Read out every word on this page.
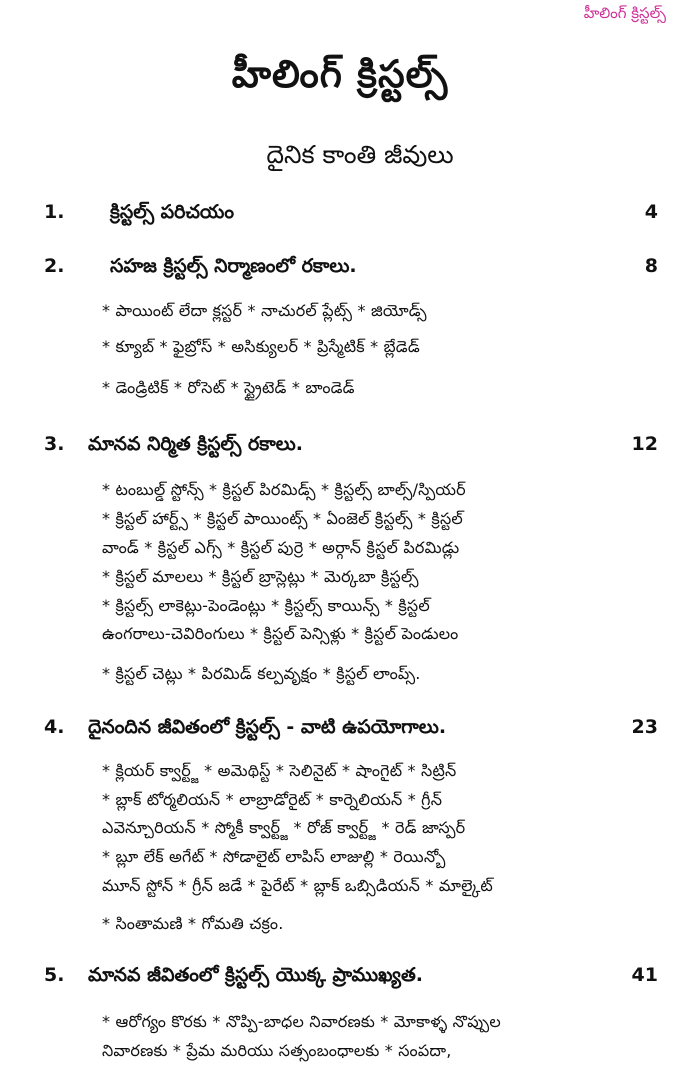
హీలింగ్ క్రిస్టల్స్
హీలింగ్ క్రిస్టల్స్
దైనిక కాంతి జీవులు
1. క్రిస్టల్స్ పరిచయం	4
2. సహజ క్రిస్టల్స్ నిర్మాణంలో రకాలు.	8
* పాయింట్ లేదా క్లస్టర్ * నాచురల్ ప్లేట్స్ * జియోడ్స్
* క్యూబ్ * ఫైబ్రోస్ * అసిక్యులర్ * ప్రిస్మేటిక్ * బ్లేడెడ్
* డెండ్రిటిక్ * రోసెట్ * స్ట్రైటెడ్ * బాండెడ్
3. మానవ నిర్మిత క్రిస్టల్స్ రకాలు.	12
* టంబుల్డ్ స్టోన్స్ * క్రిస్టల్ పిరమిడ్స్ * క్రిస్టల్స్ బాల్స్/స్పియర్
* క్రిస్టల్ హార్ట్స్ * క్రిస్టల్ పాయింట్స్ * ఏంజెల్ క్రిస్టల్స్ * క్రిస్టల్
వాండ్ * క్రిస్టల్ ఎగ్స్ * క్రిస్టల్ పుర్రె * అర్గాన్ క్రిస్టల్ పిరమిడ్లు
* క్రిస్టల్ మాలలు * క్రిస్టల్ బ్రాస్లెట్లు * మెర్కబా క్రిస్టల్స్
* క్రిస్టల్స్ లాకెట్లు-పెండెంట్లు * క్రిస్టల్స్ కాయిన్స్ * క్రిస్టల్
ఉంగరాలు-చెవిరింగులు * క్రిస్టల్ పెన్సిళ్లు * క్రిస్టల్ పెండులం
* క్రిస్టల్ చెట్లు * పిరమిడ్ కల్పవృక్షం * క్రిస్టల్ లాంప్స్.
4. దైనందిన జీవితంలో క్రిస్టల్స్ - వాటి ఉపయోగాలు.	23
* క్లియర్ క్వార్ట్జ్ * అమెథిస్ట్ * సెలినైట్ * షాంగైట్ * సిట్రిన్
* బ్లాక్ టోర్మలియన్ * లాబ్రాడోరైట్ * కార్నెలియన్ * గ్రీన్
ఎవెన్చూరియన్ * స్మోకీ క్వార్ట్జ్ * రోజ్ క్వార్ట్జ్ * రెడ్ జాస్పర్
* బ్లూ లేక్ అగేట్ * సోడాలైట్ లాపిస్ లాజుల్లి * రెయిన్బో
మూన్ స్టోన్ * గ్రీన్ జడే * పైరేట్ * బ్లాక్ ఒబ్సిడియన్ * మాల్కైట్
* సింతామణి * గోమతి చక్రం.
5. మానవ జీవితంలో క్రిస్టల్స్ యొక్క ప్రాముఖ్యత.	41
* ఆరోగ్యం కొరకు * నొప్పి-బాధల నివారణకు * మోకాళ్ళ నొప్పుల
నివారణకు * ప్రేమ మరియు సత్సంబంధాలకు * సంపదా,
